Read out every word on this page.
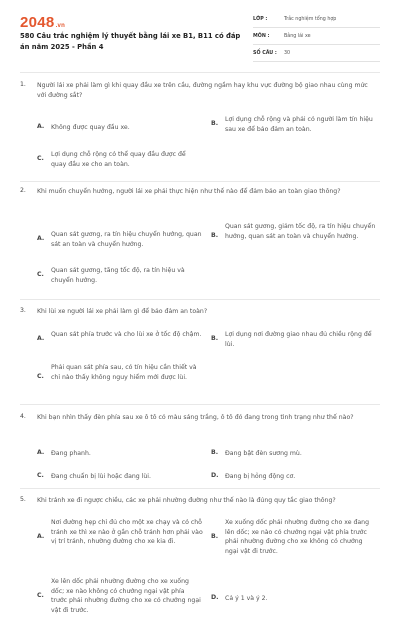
2048.vn
580 Câu trắc nghiệm lý thuyết bằng lái xe B1, B11 có đáp án năm 2025 - Phần 4
LỚP :	Trắc nghiệm tổng hợp
MÔN :	Bằng lái xe
SỐ CÂU : 30
1. Người lái xe phải làm gì khi quay đầu xe trên cầu, đường ngầm hay khu vực đường bộ giao nhau cùng mức với đường sắt?
A. Không được quay đầu xe.
B.
Lợi dụng chỗ rộng và phải có người làm tín hiệu sau xe để bảo đảm an toàn.
C.
Lợi dụng chỗ rộng có thể quay đầu được để quay đầu xe cho an toàn.
2. Khi muốn chuyển hướng, người lái xe phải thực hiện như thế nào để đảm bảo an toàn giao thông?
A.
Quan sát gương, ra tín hiệu chuyển hướng, quan sát an toàn và chuyển hướng.
B.
Quan sát gương, giảm tốc độ, ra tín hiệu chuyển hướng, quan sát an toàn và chuyển hướng.
C.
Quan sát gương, tăng tốc độ, ra tín hiệu và chuyển hướng.
3. Khi lùi xe người lái xe phải làm gì để bảo đảm an toàn?
A.
Quan sát phía trước và cho lùi xe ở tốc độ chậm.
B.
Lợi dụng nơi đường giao nhau đủ chiều rộng để lùi.
C.
Phải quan sát phía sau, có tín hiệu cần thiết và chỉ nào thấy không nguy hiểm mới được lùi.
4. Khi bạn nhìn thấy đèn phía sau xe ô tô có màu sáng trắng, ô tô đó đang trong tình trạng như thế nào?
A. Đang phanh.	B. Đang bật đèn sương mù.
C. Đang chuẩn bị lùi hoặc đang lùi.	D. Đang bị hỏng động cơ.
5. Khi tránh xe đi ngược chiều, các xe phải nhường đường như thế nào là đúng quy tắc giao thông?
A.
Nơi đường hẹp chỉ đủ cho một xe chạy và có chỗ tránh xe thì xe nào ở gần chỗ tránh hơn phải vào vị trí tránh, nhường đường cho xe kia đi.
B.
Xe xuống dốc phải nhường đường cho xe đang lên dốc; xe nào có chướng ngại vật phía trước phải nhường đường cho xe không có chướng ngại vật đi trước.
C.
Xe lên dốc phải nhường đường cho xe xuống dốc; xe nào không có chướng ngại vật phía trước phải nhường đường cho xe có chướng ngại vật đi trước.
D. Cả ý 1 và ý 2.
